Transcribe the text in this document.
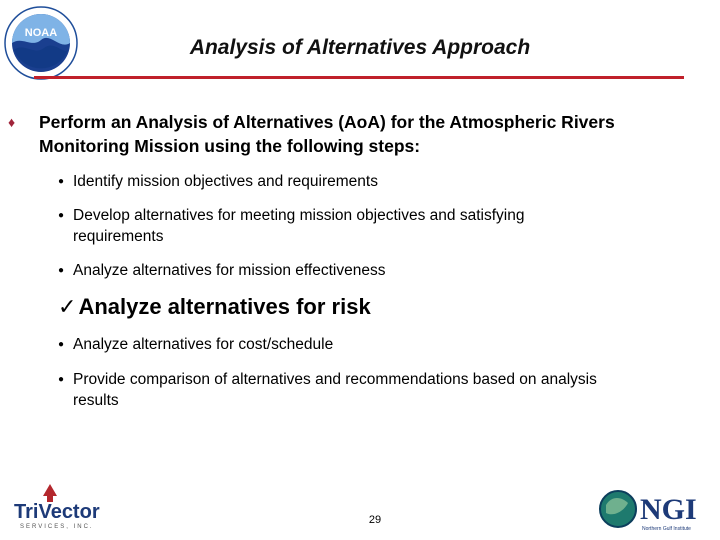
NOAA
Analysis of Alternatives Approach
♦ Perform an Analysis of Alternatives (AoA) for the Atmospheric Rivers
Monitoring Mission using the following steps:
● Identify mission objectives and requirements
● Develop alternatives for meeting mission objectives and satisfying
requirements
● Analyze alternatives for mission effectiveness
✓Analyze alternatives for risk
● Analyze alternatives for cost/schedule
● Provide comparison of alternatives and recommendations based on analysis
results
TriVector
SERVICES, INC.
29	NGI
Northern Gulf Institute
